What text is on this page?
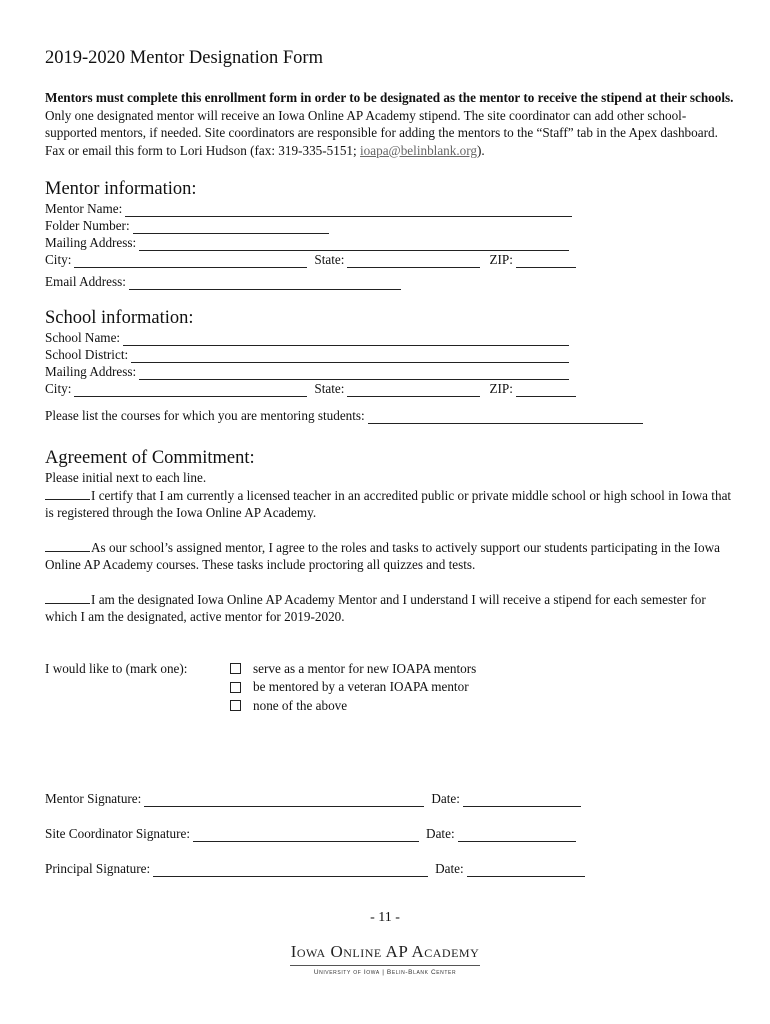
2019-2020 Mentor Designation Form

Mentors must complete this enrollment form in order to be designated as the mentor to receive the stipend at their schools. Only one designated mentor will receive an Iowa Online AP Academy stipend. The site coordinator can add other school-supported mentors, if needed. Site coordinators are responsible for adding the mentors to the “Staff” tab in the Apex dashboard. Fax or email this form to Lori Hudson (fax: 319-335-5151; ioapa@belinblank.org).

Mentor information:
Mentor Name:
Folder Number:
Mailing Address:
City:	State:	ZIP:
Email Address:
School information:
School Name:
School District:
Mailing Address:
City:	State:	ZIP:
Please list the courses for which you are mentoring students:
Agreement of Commitment:

Please initial next to each line.

I certify that I am currently a licensed teacher in an accredited public or private middle school or high school in Iowa that is registered through the Iowa Online AP Academy.

As our school’s assigned mentor, I agree to the roles and tasks to actively support our students participating in the Iowa Online AP Academy courses. These tasks include proctoring all quizzes and tests.

I am the designated Iowa Online AP Academy Mentor and I understand I will receive a stipend for each semester for which I am the designated, active mentor for 2019-2020.

I would like to (mark one):	serve as a mentor for new IOAPA mentors
be mentored by a veteran IOAPA mentor
none of the above
Mentor Signature:	Date:
Site Coordinator Signature:	Date:
Principal Signature:	Date:
- 11 -
Iowa Online AP Academy
University of Iowa | Belin-Blank Center
